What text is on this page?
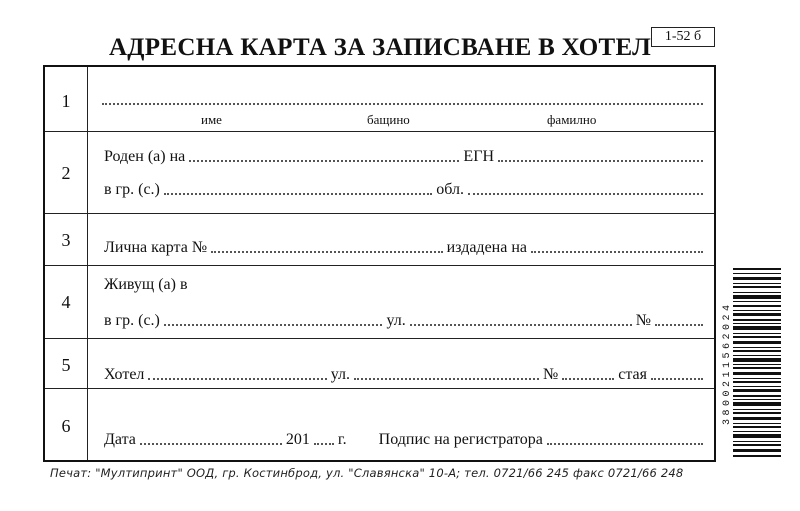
1-52 б
АДРЕСНА КАРТА ЗА ЗАПИСВАНЕ В ХОТЕЛ
1
име	бащино	фамилно
2
Роден (а) на	ЕГН
в гр. (с.)	обл.
3	Лична карта №	издадена на
4
Живущ (а) в
в гр. (с.)	ул.	№
5	Хотел	ул.	№	стая
6
Дата	201 г. Подпис на регистратора
Печат: "Мултипринт" ООД, гр. Костинброд, ул. "Славянска" 10-А; тел. 0721/66 245 факс 0721/66 248
3800211562024
